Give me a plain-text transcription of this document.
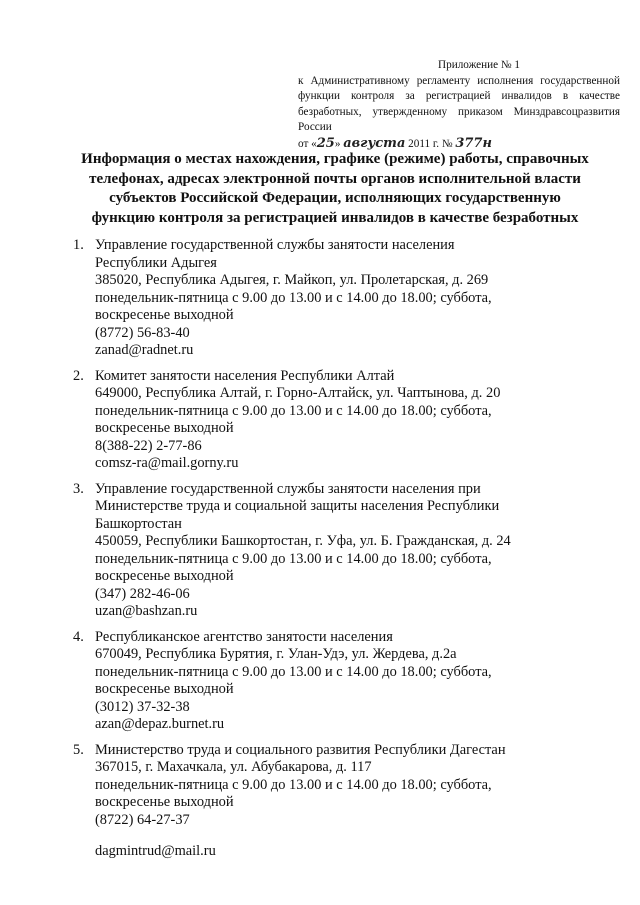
Приложение № 1
к Административному регламенту исполнения государственной
функции контроля за регистрацией инвалидов в качестве
безработных, утвержденному приказом Минздравсоцразвития России
от «25» августа 2011 г. № 377н
Информация о местах нахождения, графике (режиме) работы, справочных
телефонах, адресах электронной почты органов исполнительной власти
субъектов Российской Федерации, исполняющих государственную
функцию контроля за регистрацией инвалидов в качестве безработных
1. Управление государственной службы занятости населения
Республики Адыгея
385020, Республика Адыгея, г. Майкоп, ул. Пролетарская, д. 269
понедельник-пятница с 9.00 до 13.00 и с 14.00 до 18.00; суббота,
воскресенье выходной
(8772) 56-83-40
zanad@radnet.ru
2. Комитет занятости населения Республики Алтай
649000, Республика Алтай, г. Горно-Алтайск, ул. Чаптынова, д. 20
понедельник-пятница с 9.00 до 13.00 и с 14.00 до 18.00; суббота,
воскресенье выходной
8(388-22) 2-77-86
comsz-ra@mail.gorny.ru
3. Управление государственной службы занятости населения при
Министерстве труда и социальной защиты населения Республики
Башкортостан
450059, Республики Башкортостан, г. Уфа, ул. Б. Гражданская, д. 24
понедельник-пятница с 9.00 до 13.00 и с 14.00 до 18.00; суббота,
воскресенье выходной
(347) 282-46-06
uzan@bashzan.ru
4. Республиканское агентство занятости населения
670049, Республика Бурятия, г. Улан-Удэ, ул. Жердева, д.2а
понедельник-пятница с 9.00 до 13.00 и с 14.00 до 18.00; суббота,
воскресенье выходной
(3012) 37-32-38
azan@depaz.burnet.ru
5. Министерство труда и социального развития Республики Дагестан
367015, г. Махачкала, ул. Абубакарова, д. 117
понедельник-пятница с 9.00 до 13.00 и с 14.00 до 18.00; суббота,
воскресенье выходной
(8722) 64-27-37
dagmintrud@mail.ru
